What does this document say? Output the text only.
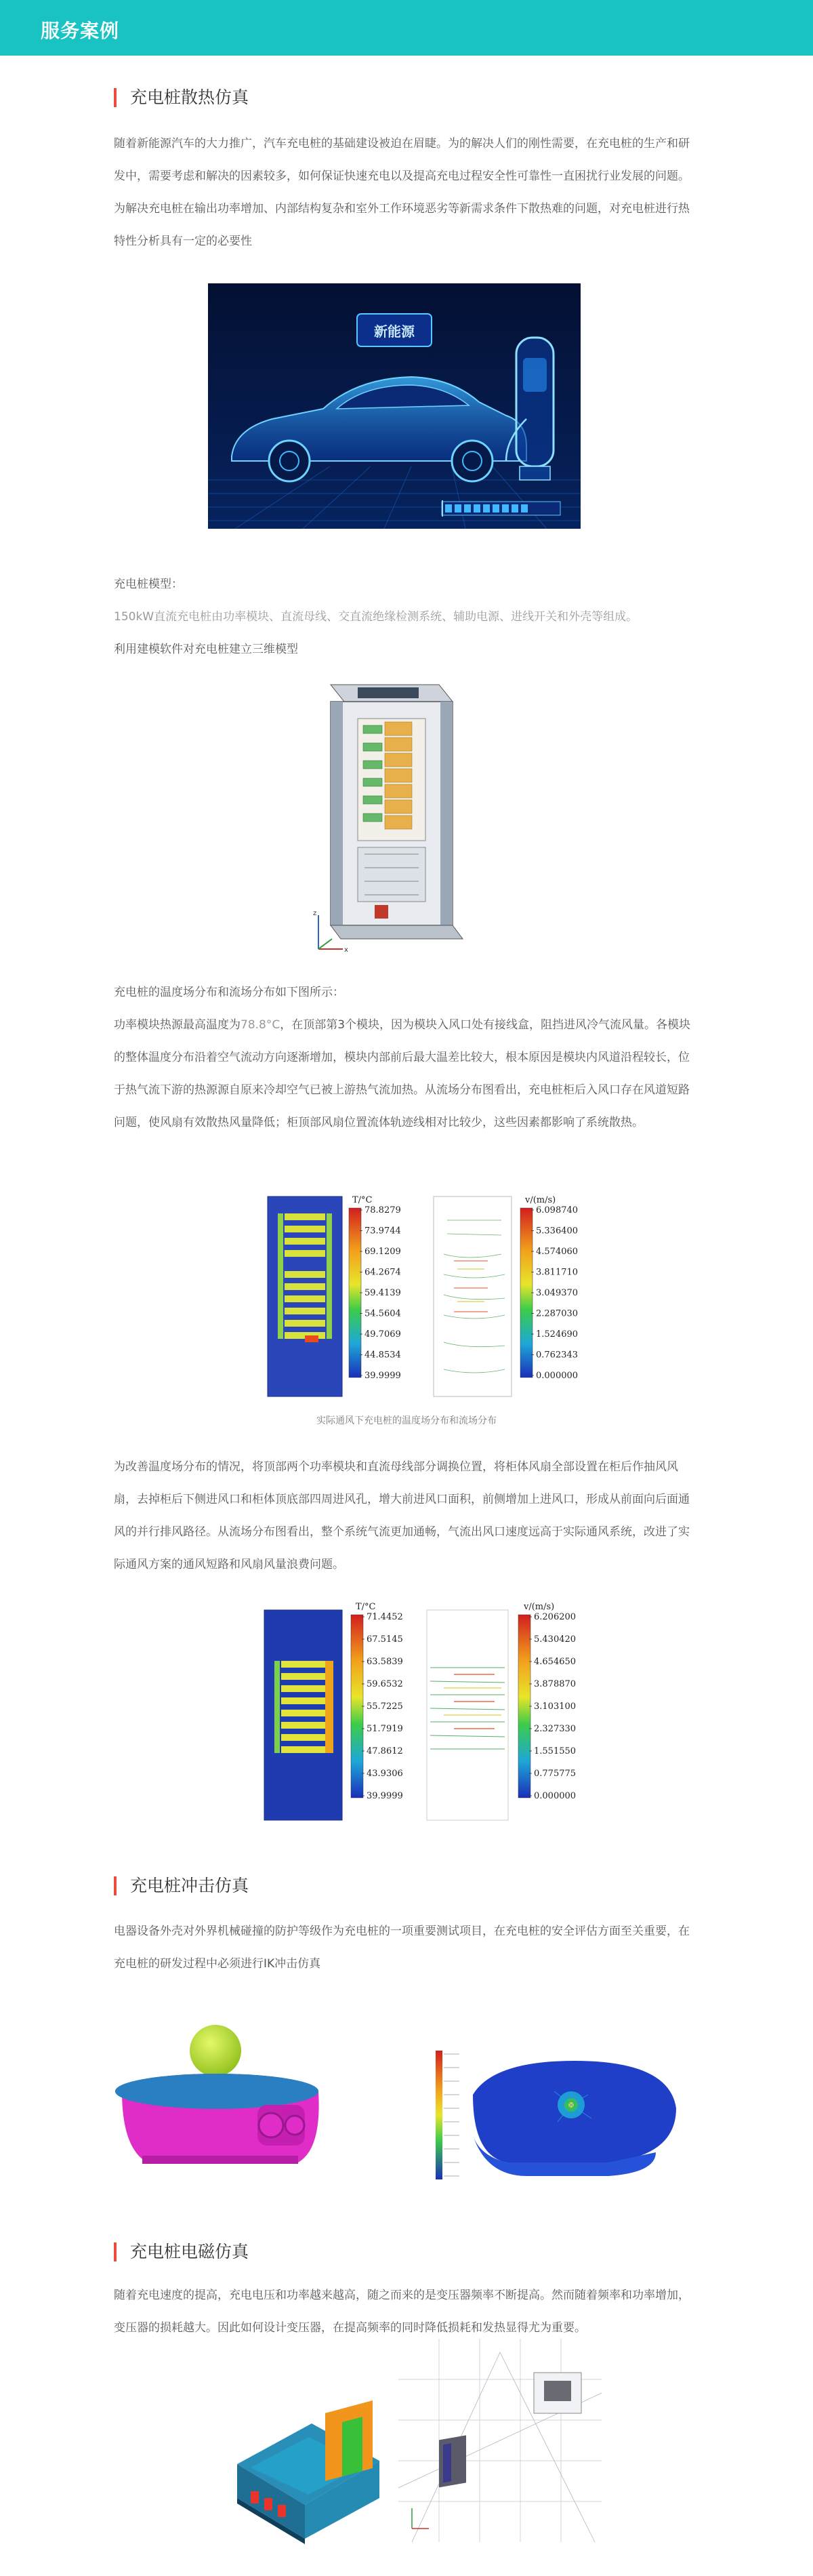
服务案例
充电桩散热仿真
随着新能源汽车的大力推广，汽车充电桩的基础建设被迫在眉睫。为的解决人们的刚性需要，在充电桩的生产和研发中，需要考虑和解决的因素较多，如何保证快速充电以及提高充电过程安全性可靠性一直困扰行业发展的问题。为解决充电桩在输出功率增加、内部结构复杂和室外工作环境恶劣等新需求条件下散热难的问题，对充电桩进行热特性分析具有一定的必要性
新能源
充电桩模型：
150kW直流充电桩由功率模块、直流母线、交直流绝缘检测系统、辅助电源、进线开关和外壳等组成。
利用建模软件对充电桩建立三维模型
z
x
充电桩的温度场分布和流场分布如下图所示：
功率模块热源最高温度为78.8°C，在顶部第3个模块，因为模块入风口处有接线盒，阻挡进风冷气流风量。各模块的整体温度分布沿着空气流动方向逐渐增加，模块内部前后最大温差比较大，根本原因是模块内风道沿程较长，位于热气流下游的热源源自原来冷却空气已被上游热气流加热。从流场分布图看出，充电桩柜后入风口存在风道短路问题，使风扇有效散热风量降低；柜顶部风扇位置流体轨迹线相对比较少，这些因素都影响了系统散热。
T/°C
78.8279
73.9744
69.1209
64.2674
59.4139
54.5604
49.7069
44.8534
39.9999
v/(m/s)
6.098740
5.336400
4.574060
3.811710
3.049370
2.287030
1.524690
0.762343
0.000000
实际通风下充电桩的温度场分布和流场分布
为改善温度场分布的情况，将顶部两个功率模块和直流母线部分调换位置，将柜体风扇全部设置在柜后作抽风风扇，去掉柜后下侧进风口和柜体顶底部四周进风孔，增大前进风口面积，前侧增加上进风口，形成从前面向后面通风的并行排风路径。从流场分布图看出，整个系统气流更加通畅，气流出风口速度远高于实际通风系统，改进了实际通风方案的通风短路和风扇风量浪费问题。
T/°C
71.4452
67.5145
63.5839
59.6532
55.7225
51.7919
47.8612
43.9306
39.9999
v/(m/s)
6.206200
5.430420
4.654650
3.878870
3.103100
2.327330
1.551550
0.775775
0.000000
充电桩冲击仿真
电器设备外壳对外界机械碰撞的防护等级作为充电桩的一项重要测试项目，在充电桩的安全评估方面至关重要，在充电桩的研发过程中必须进行IK冲击仿真
充电桩电磁仿真
随着充电速度的提高，充电电压和功率越来越高，随之而来的是变压器频率不断提高。然而随着频率和功率增加，变压器的损耗越大。因此如何设计变压器，在提高频率的同时降低损耗和发热显得尤为重要。
